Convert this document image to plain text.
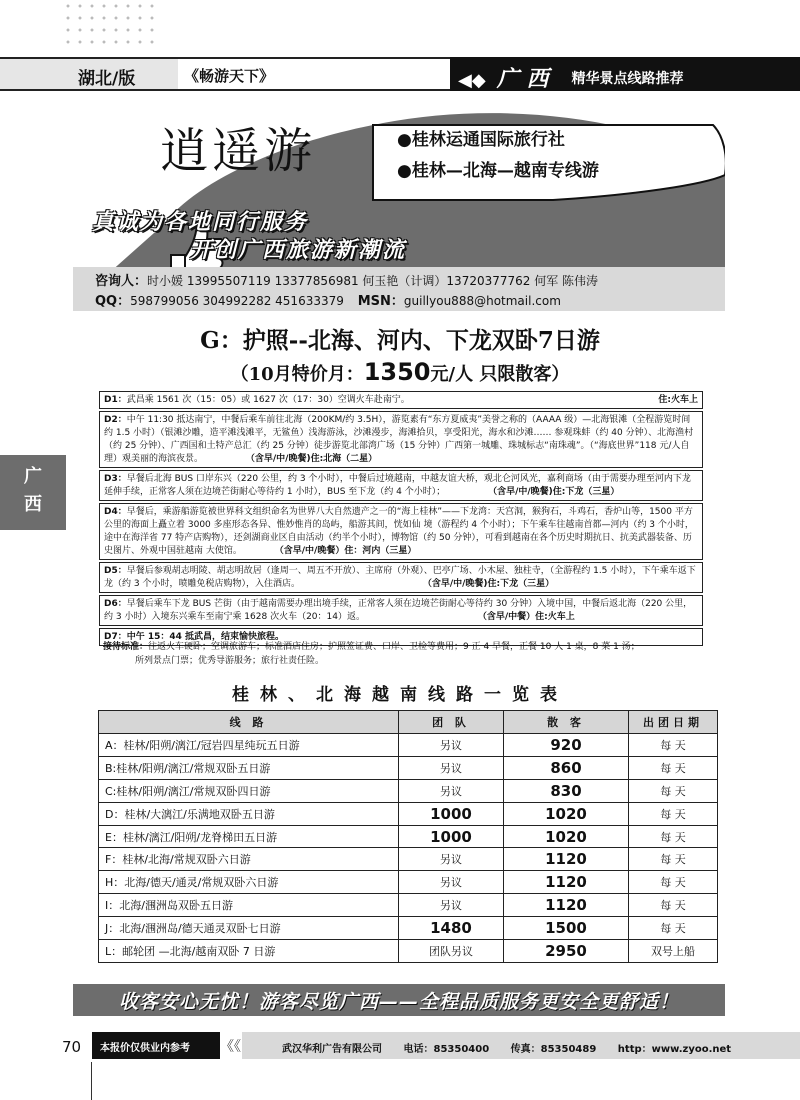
湖北/版	《畅游天下》	◀◆ 广 西 精华景点线路推荐
逍遥游	●桂林运通国际旅行社
●桂林—北海—越南专线游
真诚为各地同行服务
开创广西旅游新潮流
咨询人：时小媛 13995507119 13377856981 何玉艳（计调）13720377762 何军 陈伟涛
QQ：598799056 304992282 451633379 MSN：guillyou888@hotmail.com
G：护照--北海、河内、下龙双卧7日游
（10月特价月：1350元/人 只限散客）
广
西
住:火车上
D1：武昌乘 1561 次（15：05）或 1627 次（17：30）空调火车赴南宁。
D2：中午 11:30 抵达南宁，中餐后乘车前往北海（200KM/约 3.5H），游览素有“东方夏威夷”美誉之称的（AAAA 级）—北海银滩（全程游览时间约 1.5 小时）（银滩沙雕，造平滩浅滩平，无鲨鱼）浅海游泳，沙滩漫步，海滩拾贝，享受阳光，海水和沙滩…… 参观珠蚌（约 40 分钟）、北海渔村（约 25 分钟）、广西国和土特产总汇（约 25 分钟）徒步游览北部湾广场（15 分钟）广西第一城雕、珠城标志“南珠魂”。（“海底世界”118 元/人自理）观美丽的海滨夜景。	（含早/中/晚餐)住:北海（二星）
D3：早餐后北海 BUS 口岸东兴（220 公里，约 3 个小时），中餐后过境越南，中越友谊大桥，观北仑河风光，嘉利商场（由于需要办理至河内下龙延伸手续，正常客人须在边境芒街耐心等待约 1 小时），BUS 至下龙（约 4 个小时）；	（含早/中/晚餐)住:下龙（三星）
D4：早餐后，乘游船游览被世界科文组织命名为世界八大自然遗产之一的“海上桂林”——下龙湾：天宫洞，猴狗石，斗鸡石，香炉山等，1500 平方公里的海面上矗立着 3000 多座形态各异、惟妙惟肖的岛屿，船游其间，恍如仙 境（游程约 4 个小时）；下午乘车往越南首都—河内（约 3 个小时，途中在海洋省 77 特产店购物），还剑湖商业区自由活动（约半个小时），博物馆（约 50 分钟），可看到越南在各个历史时期抗日、抗美武器装备、历史图片、外观中国驻越南 大使馆。	（含早/中/晚餐）住：河内（三星）
D5：早餐后参观胡志明陵、胡志明故居（逢周一、周五不开放）、主席府（外观）、巴亭广场、小木屋、独柱寺，（全游程约 1.5 小时），下午乘车返下龙（约 3 个小时，喷雕免税店购物），入住酒店。	（含早/中/晚餐)住:下龙（三星）
D6：早餐后乘车下龙 BUS 芒街（由于越南需要办理出境手续，正常客人须在边境芒街耐心等待约 30 分钟）入境中国，中餐后返北海（220 公里，约 3 小时）入境东兴乘车至南宁乘 1628 次火车（20：14）返。	（含早/中餐）住:火车上
D7：中午 15：44 抵武昌，结束愉快旅程。
接待标准：往返火车硬卧；空调旅游车；标准酒店住房；护照签证费、口岸、卫检等费用；9 正 4 早餐，正餐 10 人 1 桌，8 菜 1 汤；
所列景点门票；优秀导游服务；旅行社责任险。
桂林、北海越南线路一览表
线 路	团 队	散 客	出团日期
A：桂林/阳朔/漓江/冠岩四星纯玩五日游	另议	920	每 天
B:桂林/阳朔/漓江/常规双卧五日游	另议	860	每 天
C:桂林/阳朔/漓江/常规双卧四日游	另议	830	每 天
D：桂林/大漓江/乐满地双卧五日游	1000	1020	每 天
E：桂林/漓江/阳朔/龙脊梯田五日游	1000	1020	每 天
F：桂林/北海/常规双卧六日游	另议	1120	每 天
H：北海/德天/通灵/常规双卧六日游	另议	1120	每 天
I：北海/涠洲岛双卧五日游	另议	1120	每 天
J：北海/涠洲岛/德天通灵双卧七日游	1480	1500	每 天
L：邮轮团 —北海/越南双卧 7 日游	团队另议	2950	双号上船
收客安心无忧！游客尽览广西——全程品质服务更安全更舒适！
70	本报价仅供业内参考	《《	武汉华利广告有限公司 电话：85350400 传真：85350489 http：www.zyoo.net
